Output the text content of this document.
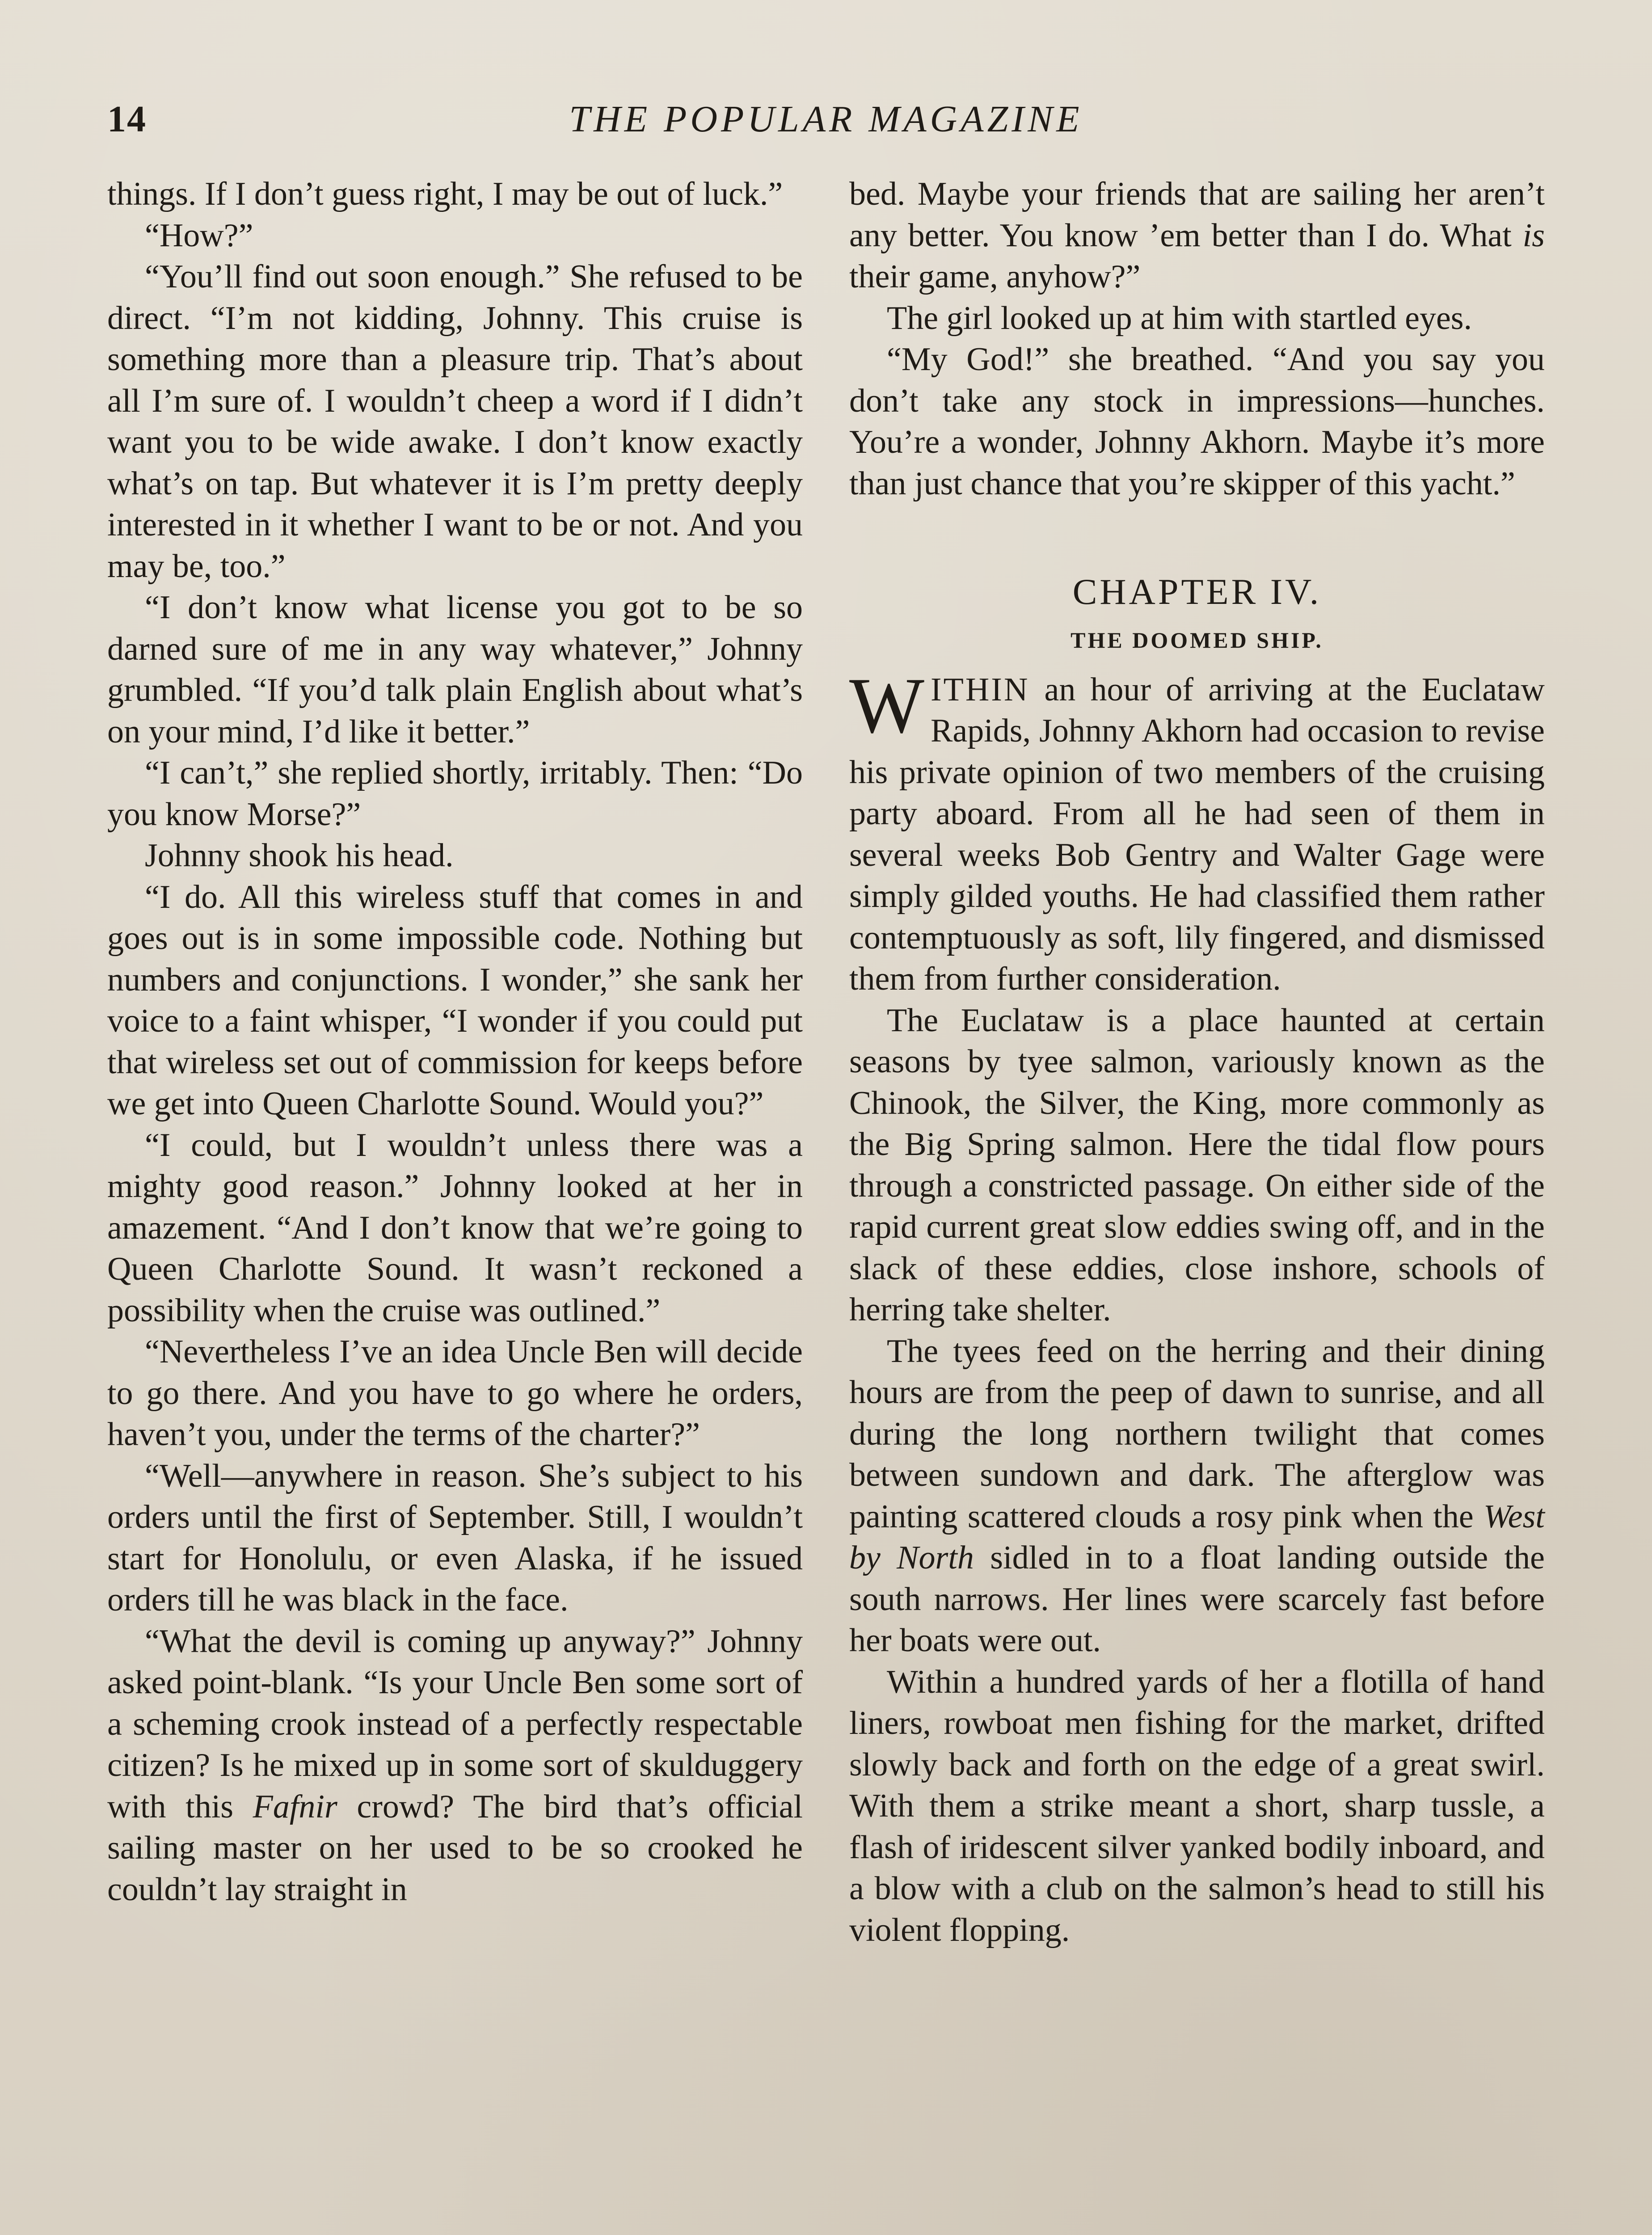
14	THE POPULAR MAGAZINE

things. If I don’t guess right, I may be out of luck.”

“How?”

“You’ll find out soon enough.” She refused to be direct. “I’m not kidding, Johnny. This cruise is something more than a pleasure trip. That’s about all I’m sure of. I wouldn’t cheep a word if I didn’t want you to be wide awake. I don’t know exactly what’s on tap. But whatever it is I’m pretty deeply interested in it whether I want to be or not. And you may be, too.”

“I don’t know what license you got to be so darned sure of me in any way whatever,” Johnny grumbled. “If you’d talk plain English about what’s on your mind, I’d like it better.”

“I can’t,” she replied shortly, irritably. Then: “Do you know Morse?”

Johnny shook his head.

“I do. All this wireless stuff that comes in and goes out is in some impossible code. Nothing but numbers and conjunctions. I wonder,” she sank her voice to a faint whisper, “I wonder if you could put that wireless set out of commission for keeps before we get into Queen Charlotte Sound. Would you?”

“I could, but I wouldn’t unless there was a mighty good reason.” Johnny looked at her in amazement. “And I don’t know that we’re going to Queen Charlotte Sound. It wasn’t reckoned a possibility when the cruise was outlined.”

“Nevertheless I’ve an idea Uncle Ben will decide to go there. And you have to go where he orders, haven’t you, under the terms of the charter?”

“Well—anywhere in reason. She’s subject to his orders until the first of September. Still, I wouldn’t start for Honolulu, or even Alaska, if he issued orders till he was black in the face.

“What the devil is coming up anyway?” Johnny asked point-blank. “Is your Uncle Ben some sort of a scheming crook instead of a perfectly respectable citizen? Is he mixed up in some sort of skulduggery with this Fafnir crowd? The bird that’s official sailing master on her used to be so crooked he couldn’t lay straight in

bed. Maybe your friends that are sailing her aren’t any better. You know ’em better than I do. What is their game, anyhow?”

The girl looked up at him with startled eyes.

“My God!” she breathed. “And you say you don’t take any stock in impressions—hunches. You’re a wonder, Johnny Akhorn. Maybe it’s more than just chance that you’re skipper of this yacht.”

CHAPTER IV.
THE DOOMED SHIP.

WITHIN an hour of arriving at the Euclataw Rapids, Johnny Akhorn had occasion to revise his private opinion of two members of the cruising party aboard. From all he had seen of them in several weeks Bob Gentry and Walter Gage were simply gilded youths. He had classified them rather contemptuously as soft, lily fingered, and dismissed them from further consideration.

The Euclataw is a place haunted at certain seasons by tyee salmon, variously known as the Chinook, the Silver, the King, more commonly as the Big Spring salmon. Here the tidal flow pours through a constricted passage. On either side of the rapid current great slow eddies swing off, and in the slack of these eddies, close inshore, schools of herring take shelter.

The tyees feed on the herring and their dining hours are from the peep of dawn to sunrise, and all during the long northern twilight that comes between sundown and dark. The afterglow was painting scattered clouds a rosy pink when the West by North sidled in to a float landing outside the south narrows. Her lines were scarcely fast before her boats were out.

Within a hundred yards of her a flotilla of hand liners, rowboat men fishing for the market, drifted slowly back and forth on the edge of a great swirl. With them a strike meant a short, sharp tussle, a flash of iridescent silver yanked bodily inboard, and a blow with a club on the salmon’s head to still his violent flopping.
